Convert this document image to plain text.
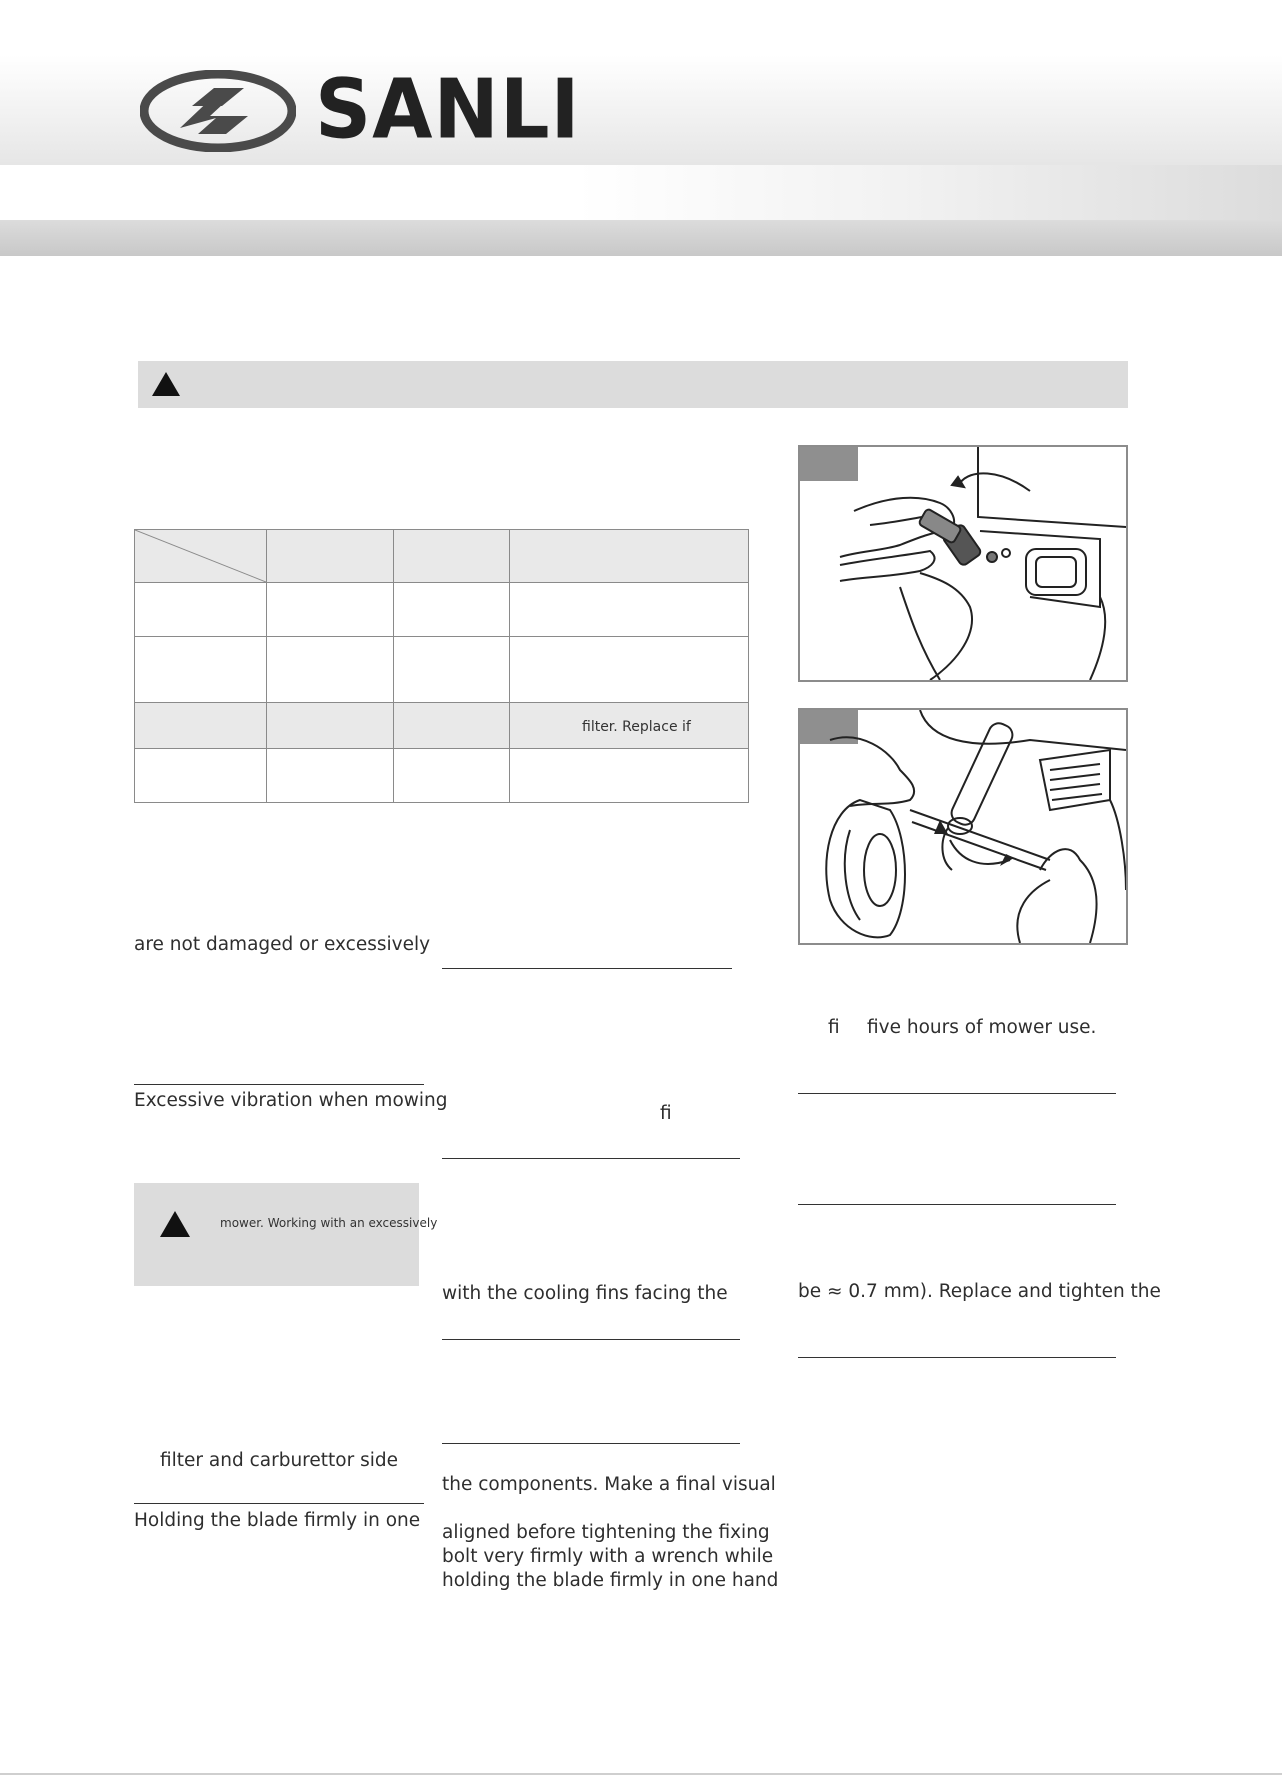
SANLI

			filter. Replace if

are not damaged or excessively
Excessive vibration when mowing
mower. Working with an excessively
filter and carburettor side
Holding the blade firmly in one
fi
with the cooling fins facing the
the components. Make a final visual
aligned before tightening the fixing
bolt very firmly with a wrench while
holding the blade firmly in one hand
fi five hours of mower use.
be ≈ 0.7 mm). Replace and tighten the
